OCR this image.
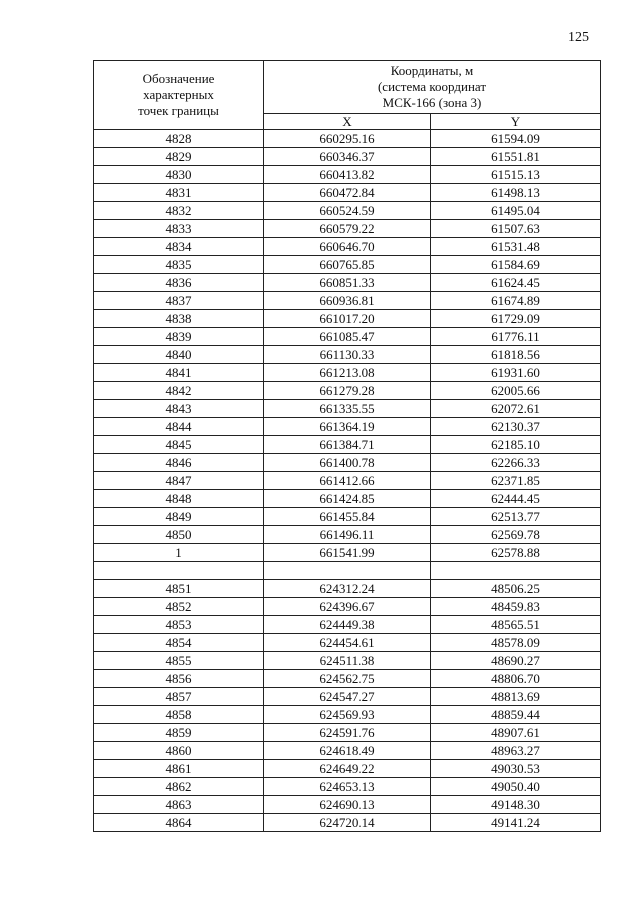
125
Обозначение
характерных
точек границы	Координаты, м
(система координат
МСК-166 (зона 3)	

	X	Y
4828	660295.16	61594.09
4829	660346.37	61551.81
4830	660413.82	61515.13
4831	660472.84	61498.13
4832	660524.59	61495.04
4833	660579.22	61507.63
4834	660646.70	61531.48
4835	660765.85	61584.69
4836	660851.33	61624.45
4837	660936.81	61674.89
4838	661017.20	61729.09
4839	661085.47	61776.11
4840	661130.33	61818.56
4841	661213.08	61931.60
4842	661279.28	62005.66
4843	661335.55	62072.61
4844	661364.19	62130.37
4845	661384.71	62185.10
4846	661400.78	62266.33
4847	661412.66	62371.85
4848	661424.85	62444.45
4849	661455.84	62513.77
4850	661496.11	62569.78
1	661541.99	62578.88

4851	624312.24	48506.25
4852	624396.67	48459.83
4853	624449.38	48565.51
4854	624454.61	48578.09
4855	624511.38	48690.27
4856	624562.75	48806.70
4857	624547.27	48813.69
4858	624569.93	48859.44
4859	624591.76	48907.61
4860	624618.49	48963.27
4861	624649.22	49030.53
4862	624653.13	49050.40
4863	624690.13	49148.30
4864	624720.14	49141.24
